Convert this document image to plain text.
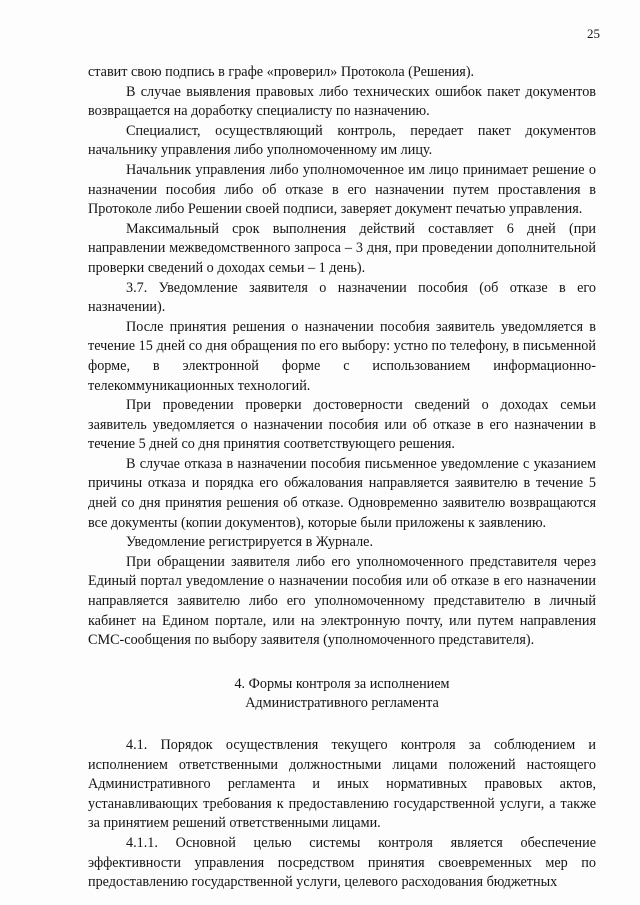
25

ставит свою подпись в графе «проверил» Протокола (Решения).

В случае выявления правовых либо технических ошибок пакет документов возвращается на доработку специалисту по назначению.

Специалист, осуществляющий контроль, передает пакет документов начальнику управления либо уполномоченному им лицу.

Начальник управления либо уполномоченное им лицо принимает решение о назначении пособия либо об отказе в его назначении путем проставления в Протоколе либо Решении своей подписи, заверяет документ печатью управления.

Максимальный срок выполнения действий составляет 6 дней (при направлении межведомственного запроса – 3 дня, при проведении дополнительной проверки сведений о доходах семьи – 1 день).

3.7. Уведомление заявителя о назначении пособия (об отказе в его назначении).

После принятия решения о назначении пособия заявитель уведомляется в течение 15 дней со дня обращения по его выбору: устно по телефону, в письменной форме, в электронной форме с использованием информационно-телекоммуникационных технологий.

При проведении проверки достоверности сведений о доходах семьи заявитель уведомляется о назначении пособия или об отказе в его назначении в течение 5 дней со дня принятия соответствующего решения.

В случае отказа в назначении пособия письменное уведомление с указанием причины отказа и порядка его обжалования направляется заявителю в течение 5 дней со дня принятия решения об отказе. Одновременно заявителю возвращаются все документы (копии документов), которые были приложены к заявлению.

Уведомление регистрируется в Журнале.

При обращении заявителя либо его уполномоченного представителя через Единый портал уведомление о назначении пособия или об отказе в его назначении направляется заявителю либо его уполномоченному представителю в личный кабинет на Едином портале, или на электронную почту, или путем направления СМС-сообщения по выбору заявителя (уполномоченного представителя).

4. Формы контроля за исполнением
Административного регламента

4.1. Порядок осуществления текущего контроля за соблюдением и исполнением ответственными должностными лицами положений настоящего Административного регламента и иных нормативных правовых актов, устанавливающих требования к предоставлению государственной услуги, а также за принятием решений ответственными лицами.

4.1.1. Основной целью системы контроля является обеспечение эффективности управления посредством принятия своевременных мер по предоставлению государственной услуги, целевого расходования бюджетных
